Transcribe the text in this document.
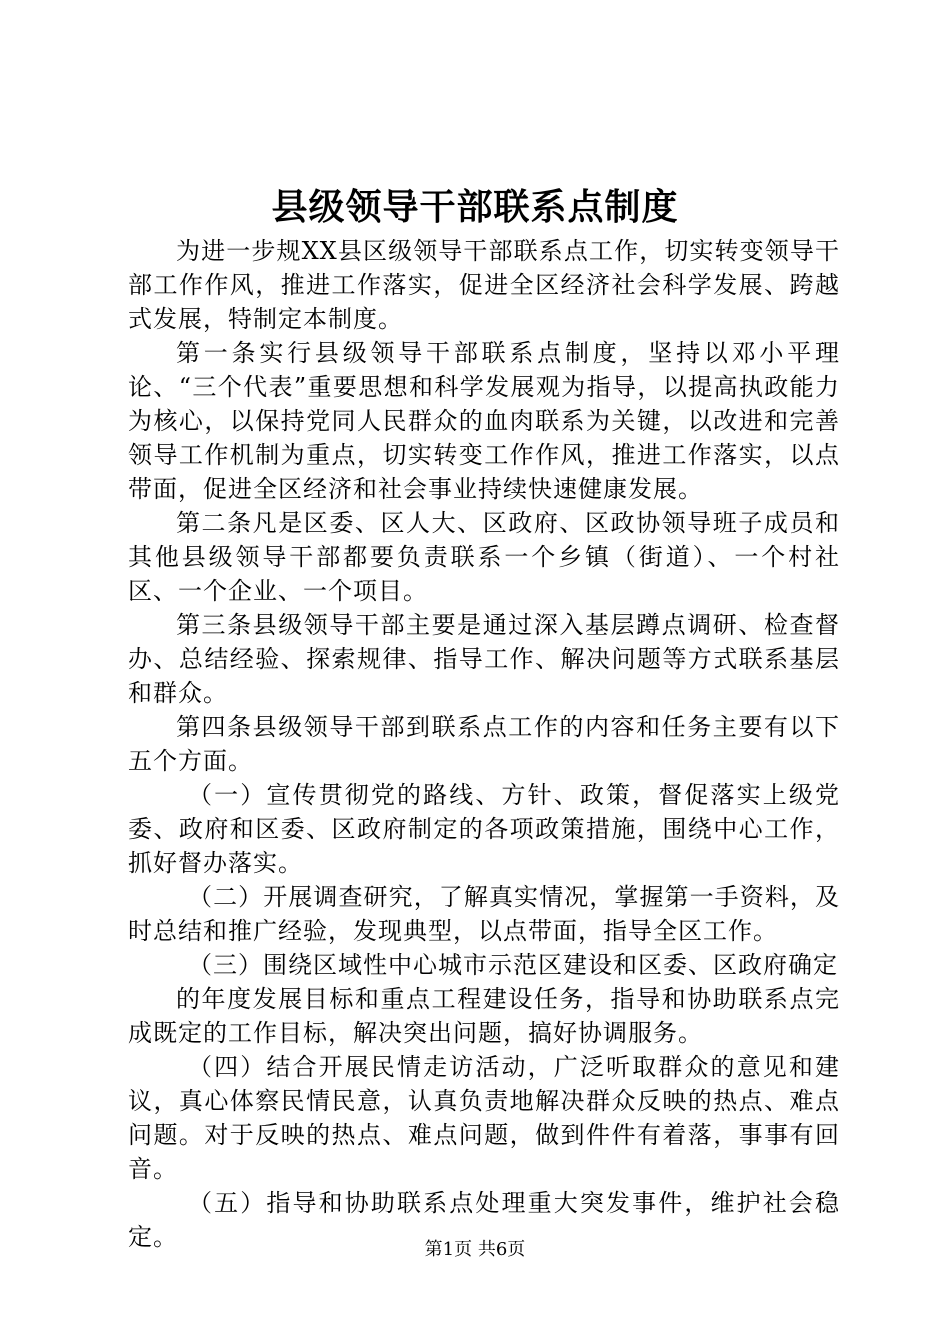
县级领导干部联系点制度

为进一步规XX县区级领导干部联系点工作，切实转变领导干部工作作风，推进工作落实，促进全区经济社会科学发展、跨越式发展，特制定本制度。

第一条实行县级领导干部联系点制度，坚持以邓小平理论、“三个代表”重要思想和科学发展观为指导，以提高执政能力为核心，以保持党同人民群众的血肉联系为关键，以改进和完善领导工作机制为重点，切实转变工作作风，推进工作落实，以点带面，促进全区经济和社会事业持续快速健康发展。

第二条凡是区委、区人大、区政府、区政协领导班子成员和其他县级领导干部都要负责联系一个乡镇（街道）、一个村社区、一个企业、一个项目。

第三条县级领导干部主要是通过深入基层蹲点调研、检查督办、总结经验、探索规律、指导工作、解决问题等方式联系基层和群众。

第四条县级领导干部到联系点工作的内容和任务主要有以下五个方面。

（一）宣传贯彻党的路线、方针、政策，督促落实上级党委、政府和区委、区政府制定的各项政策措施，围绕中心工作，抓好督办落实。

（二）开展调查研究，了解真实情况，掌握第一手资料，及时总结和推广经验，发现典型，以点带面，指导全区工作。

（三）围绕区域性中心城市示范区建设和区委、区政府确定

的年度发展目标和重点工程建设任务，指导和协助联系点完成既定的工作目标，解决突出问题，搞好协调服务。

（四）结合开展民情走访活动，广泛听取群众的意见和建议，真心体察民情民意，认真负责地解决群众反映的热点、难点问题。对于反映的热点、难点问题，做到件件有着落，事事有回音。

（五）指导和协助联系点处理重大突发事件，维护社会稳定。	第1页 共6页
